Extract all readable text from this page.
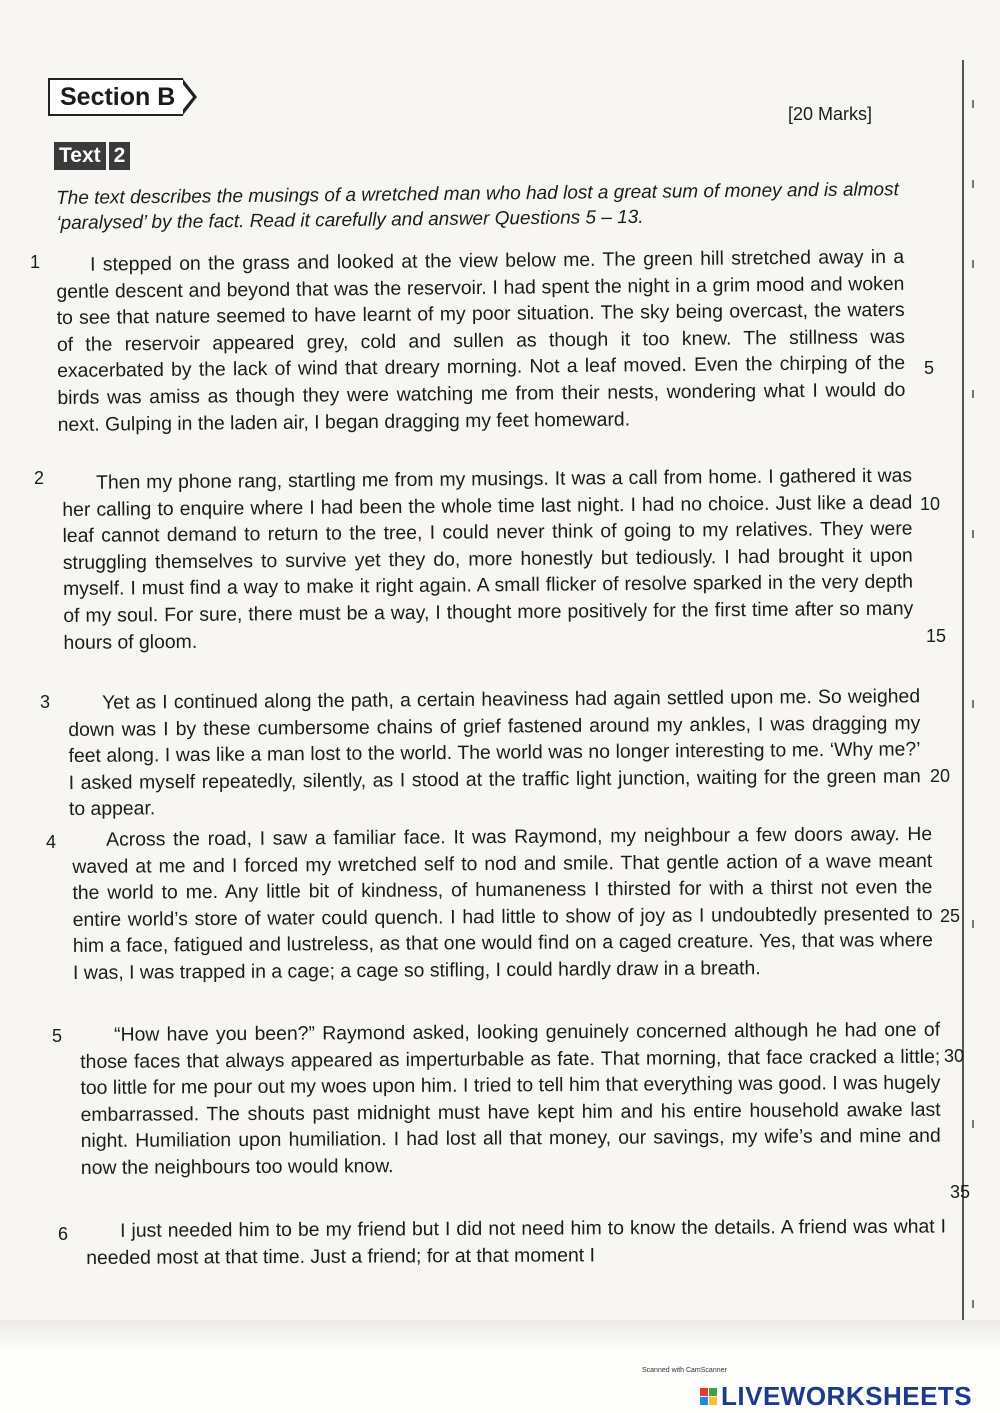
Section B
[20 Marks]
Text 2
The text describes the musings of a wretched man who had lost a great sum of money and is almost ‘paralysed’ by the fact. Read it carefully and answer Questions 5 – 13.
1	I stepped on the grass and looked at the view below me. The green hill stretched away in a gentle descent and beyond that was the reservoir. I had spent the night in a grim mood and woken to see that nature seemed to have learnt of my poor situation. The sky being overcast, the waters of the reservoir appeared grey, cold and sullen as though it too knew. The stillness was exacerbated by the lack of wind that dreary morning. Not a leaf moved. Even the chirping of the birds was amiss as though they were watching me from their nests, wondering what I would do next. Gulping in the laden air, I began dragging my feet homeward.
2	Then my phone rang, startling me from my musings. It was a call from home. I gathered it was her calling to enquire where I had been the whole time last night. I had no choice. Just like a dead leaf cannot demand to return to the tree, I could never think of going to my relatives. They were struggling themselves to survive yet they do, more honestly but tediously. I had brought it upon myself. I must find a way to make it right again. A small flicker of resolve sparked in the very depth of my soul. For sure, there must be a way, I thought more positively for the first time after so many hours of gloom.
3	Yet as I continued along the path, a certain heaviness had again settled upon me. So weighed down was I by these cumbersome chains of grief fastened around my ankles, I was dragging my feet along. I was like a man lost to the world. The world was no longer interesting to me. ‘Why me?’ I asked myself repeatedly, silently, as I stood at the traffic light junction, waiting for the green man to appear.
4	Across the road, I saw a familiar face. It was Raymond, my neighbour a few doors away. He waved at me and I forced my wretched self to nod and smile. That gentle action of a wave meant the world to me. Any little bit of kindness, of humaneness I thirsted for with a thirst not even the entire world’s store of water could quench. I had little to show of joy as I undoubtedly presented to him a face, fatigued and lustreless, as that one would find on a caged creature. Yes, that was where I was, I was trapped in a cage; a cage so stifling, I could hardly draw in a breath.
5	“How have you been?” Raymond asked, looking genuinely concerned although he had one of those faces that always appeared as imperturbable as fate. That morning, that face cracked a little; too little for me pour out my woes upon him. I tried to tell him that everything was good. I was hugely embarrassed. The shouts past midnight must have kept him and his entire household awake last night. Humiliation upon humiliation. I had lost all that money, our savings, my wife’s and mine and now the neighbours too would know.
6	I just needed him to be my friend but I did not need him to know the details. A friend was what I needed most at that time. Just a friend; for at that moment I
5
10
15
20
25
30
35
Scanned with CamScanner
LIVEWORKSHEETS
